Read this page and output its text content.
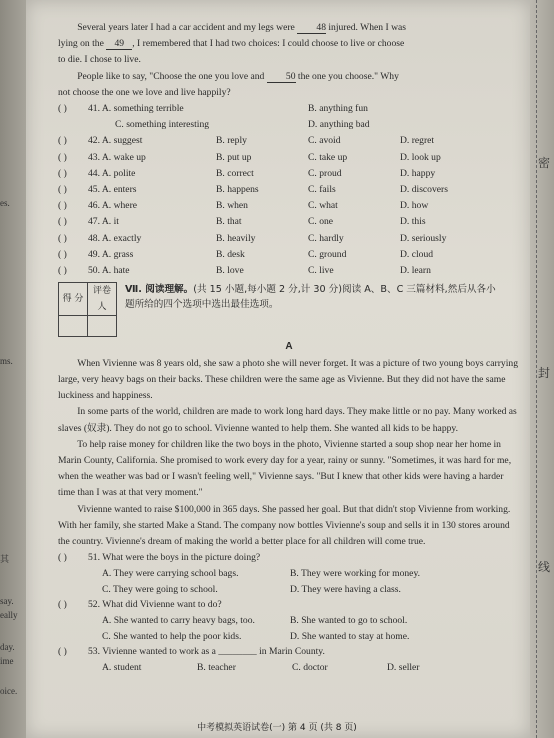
es.
ms.
其
say.
eally
day.
ime
oice.
密
封
线

Several years later I had a car accident and my legs were 48 injured. When I was

lying on the 49 , I remembered that I had two choices: I could choose to live or choose

to die. I chose to live.

People like to say, "Choose the one you love and 50 the one you choose." Why

not choose the one we love and live happily?

( )	41. A. something terrible	B. anything fun
C. something interesting	D. anything bad
( )	42. A. suggest	B. reply	C. avoid	D. regret
( )	43. A. wake up	B. put up	C. take up	D. look up
( )	44. A. polite	B. correct	C. proud	D. happy
( )	45. A. enters	B. happens	C. fails	D. discovers
( )	46. A. where	B. when	C. what	D. how
( )	47. A. it	B. that	C. one	D. this
( )	48. A. exactly	B. heavily	C. hardly	D. seriously
( )	49. A. grass	B. desk	C. ground	D. cloud
( )	50. A. hate	B. love	C. live	D. learn
得 分	评卷人

Ⅶ. 阅读理解。(共 15 小题,每小题 2 分,计 30 分)阅读 A、B、C 三篇材料,然后从各小题所给的四个选项中选出最佳选项。
A

When Vivienne was 8 years old, she saw a photo she will never forget. It was a picture of two young boys carrying large, very heavy bags on their backs. These children were the same age as Vivienne. But they did not have the same luckiness and happiness.

In some parts of the world, children are made to work long hard days. They make little or no pay. Many worked as slaves (奴隶). They do not go to school. Vivienne wanted to help them. She wanted all kids to be happy.

To help raise money for children like the two boys in the photo, Vivienne started a soup shop near her home in Marin County, California. She promised to work every day for a year, rainy or sunny. "Sometimes, it was hard for me, when the weather was bad or I wasn't feeling well," Vivienne says. "But I knew that other kids were having a harder time than I was at that very moment."

Vivienne wanted to raise $100,000 in 365 days. She passed her goal. But that didn't stop Vivienne from working. With her family, she started Make a Stand. The company now bottles Vivienne's soup and sells it in 130 stores around the country. Vivienne's dream of making the world a better place for all children will come true.

( )	51. What were the boys in the picture doing?
A. They were carrying school bags.	B. They were working for money.
C. They were going to school.	D. They were having a class.
( )	52. What did Vivienne want to do?
A. She wanted to carry heavy bags, too.	B. She wanted to go to school.
C. She wanted to help the poor kids.	D. She wanted to stay at home.
( )	53. Vivienne wanted to work as a ________ in Marin County.
A. student	B. teacher	C. doctor	D. seller
中考模拟英语试卷(一) 第 4 页 (共 8 页)
